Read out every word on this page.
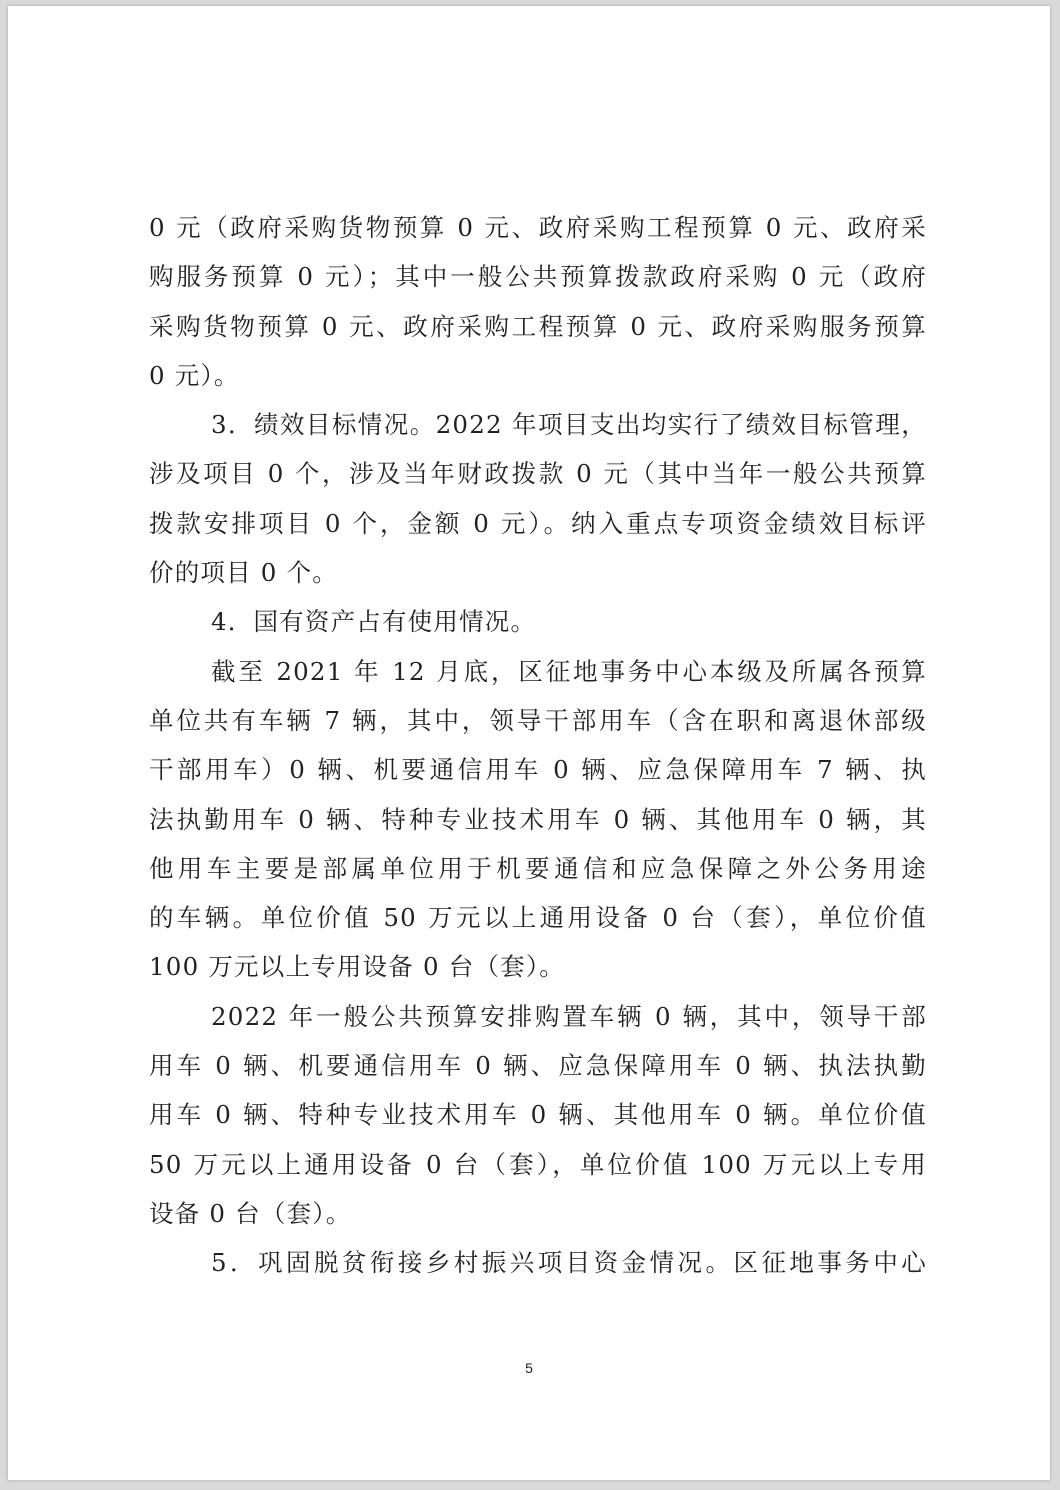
0 元（政府采购货物预算 0 元、政府采购工程预算 0 元、政府采
购服务预算 0 元）；其中一般公共预算拨款政府采购 0 元（政府
采购货物预算 0 元、政府采购工程预算 0 元、政府采购服务预算
0 元）。
3．绩效目标情况。2022 年项目支出均实行了绩效目标管理，
涉及项目 0 个，涉及当年财政拨款 0 元（其中当年一般公共预算
拨款安排项目 0 个，金额 0 元）。纳入重点专项资金绩效目标评
价的项目 0 个。
4．国有资产占有使用情况。
截至 2021 年 12 月底，区征地事务中心本级及所属各预算
单位共有车辆 7 辆，其中，领导干部用车（含在职和离退休部级
干部用车）0 辆、机要通信用车 0 辆、应急保障用车 7 辆、执
法执勤用车 0 辆、特种专业技术用车 0 辆、其他用车 0 辆，其
他用车主要是部属单位用于机要通信和应急保障之外公务用途
的车辆。单位价值 50 万元以上通用设备 0 台（套），单位价值
100 万元以上专用设备 0 台（套）。
2022 年一般公共预算安排购置车辆 0 辆，其中，领导干部
用车 0 辆、机要通信用车 0 辆、应急保障用车 0 辆、执法执勤
用车 0 辆、特种专业技术用车 0 辆、其他用车 0 辆。单位价值
50 万元以上通用设备 0 台（套），单位价值 100 万元以上专用
设备 0 台（套）。
5．巩固脱贫衔接乡村振兴项目资金情况。区征地事务中心
5
